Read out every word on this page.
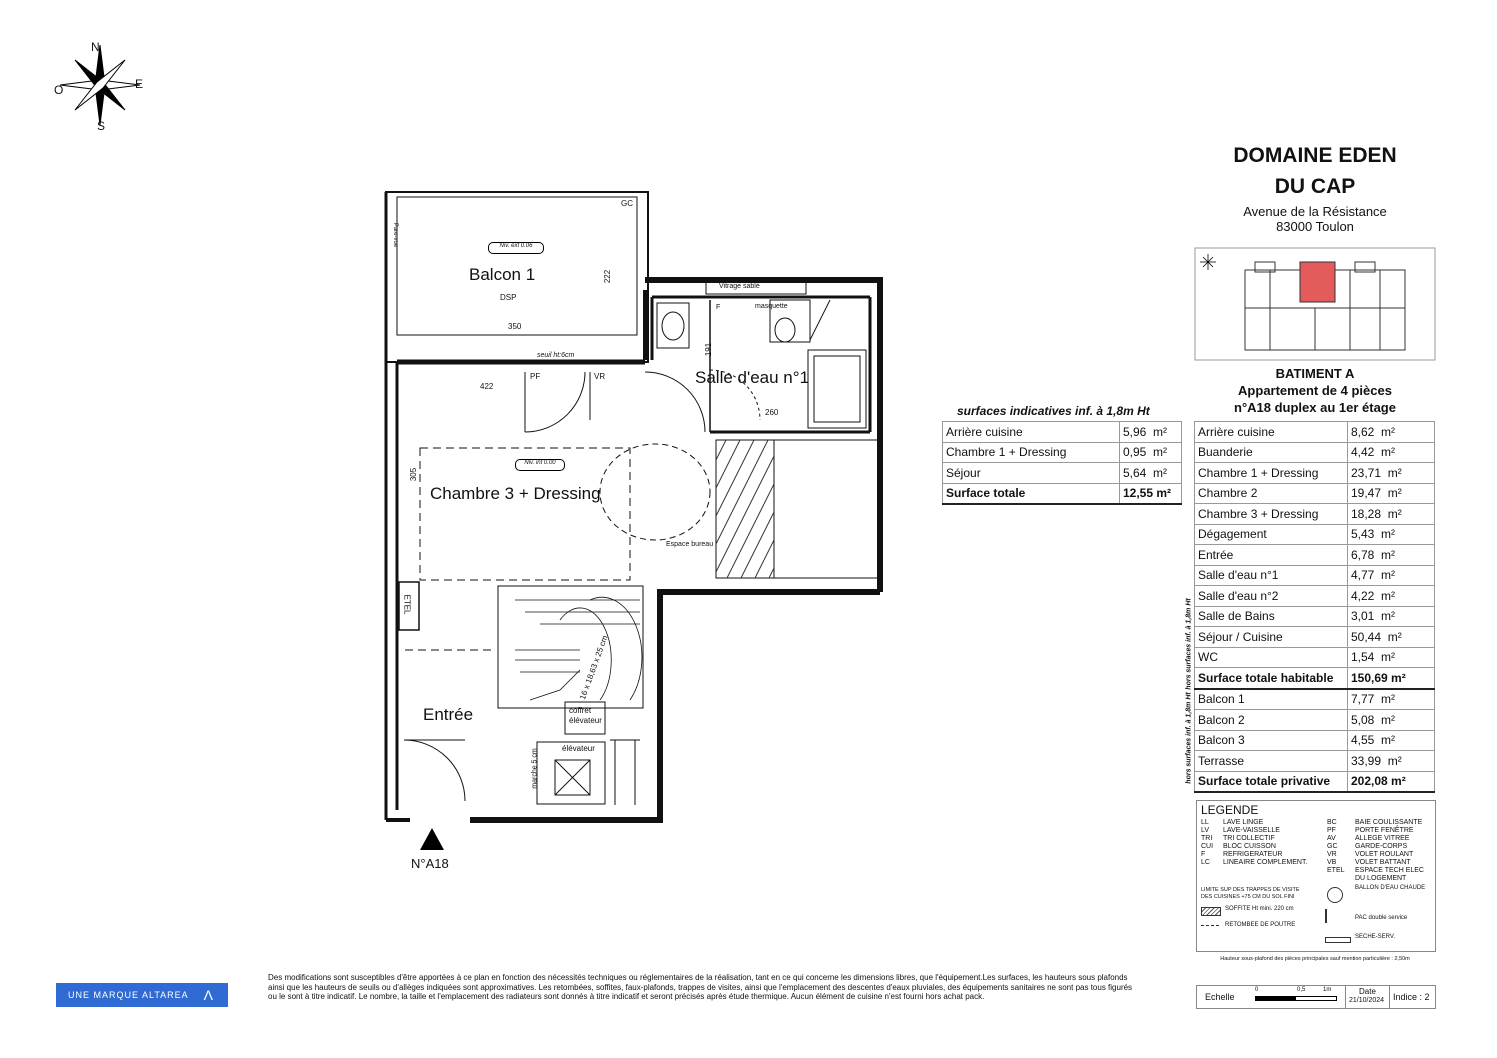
N
O	E
S
Balcon 1
Salle d'eau n°1
Chambre 3 + Dressing
Entrée
GC
DSP
350
222
Niv. ext 0.06
Pare-vue
seuil ht:6cm
PF	VR
422
Vitrage sablé
F	masquette
191
260
Niv. int 0.00
305
Espace bureau
ETEL
16 x 18,63 x 25 cm
coffret
élévateur
élévateur
marche 5 cm
N°A18
DOMAINE EDEN
DU CAP
Avenue de la Résistance
83000 Toulon
BATIMENT A
Appartement de 4 pièces
n°A18 duplex au 1er étage
surfaces indicatives inf. à 1,8m Ht
Arrière cuisine	5,96 m²
Chambre 1 + Dressing	0,95 m²
Séjour	5,64 m²
Surface totale	12,55 m²
hors surfaces inf. à 1,8m Ht
hors surfaces inf. à 1,8m Ht
Arrière cuisine	8,62 m²
Buanderie	4,42 m²
Chambre 1 + Dressing	23,71 m²
Chambre 2	19,47 m²
Chambre 3 + Dressing	18,28 m²
Dégagement	5,43 m²
Entrée	6,78 m²
Salle d'eau n°1	4,77 m²
Salle d'eau n°2	4,22 m²
Salle de Bains	3,01 m²
Séjour / Cuisine	50,44 m²
WC	1,54 m²
Surface totale habitable	150,69 m²
Balcon 1	7,77 m²
Balcon 2	5,08 m²
Balcon 3	4,55 m²
Terrasse	33,99 m²
Surface totale privative	202,08 m²
LEGENDE
LL LAVE LINGE
LV LAVE-VAISSELLE
TRI TRI COLLECTIF
CUI BLOC CUISSON
F	REFRIGERATEUR
LC LINEAIRE COMPLEMENT.
BC	BAIE COULISSANTE
PF	PORTE FENÊTRE
AV	ALLEGE VITREE
GC	GARDE-CORPS
VR	VOLET ROULANT
VB	VOLET BATTANT
ETEL	ESPACE TECH ELEC DU LOGEMENT
LIMITE SUP DES TRAPPES DE VISITE DES CUISINES +75 CM DU SOL FINI
SOFFITE Ht mini. 220 cm
RETOMBEE DE POUTRE
BALLON D'EAU CHAUDE
PAC double service
SECHE-SERV.
Hauteur sous-plafond des pièces principales sauf mention particulière : 2,50m
UNE MARQUE ALTAREA Λ
Des modifications sont susceptibles d'être apportées à ce plan en fonction des nécessités techniques ou réglementaires de la réalisation, tant en ce qui concerne les dimensions libres, que l'équipement.Les surfaces, les hauteurs sous plafonds ainsi que les hauteurs de seuils ou d'allèges indiquées sont approximatives. Les retombées, soffites, faux-plafonds, trappes de visites, ainsi que l'emplacement des descentes d'eaux pluviales, des équipements sanitaires ne sont pas tous figurés ou le sont à titre indicatif. Le nombre, la taille et l'emplacement des radiateurs sont donnés à titre indicatif et seront précisés après étude thermique. Aucun élément de cuisine n'est fourni hors achat pack.	Echelle
0	0,5	1m	Date
21/10/2024 Indice : 2
